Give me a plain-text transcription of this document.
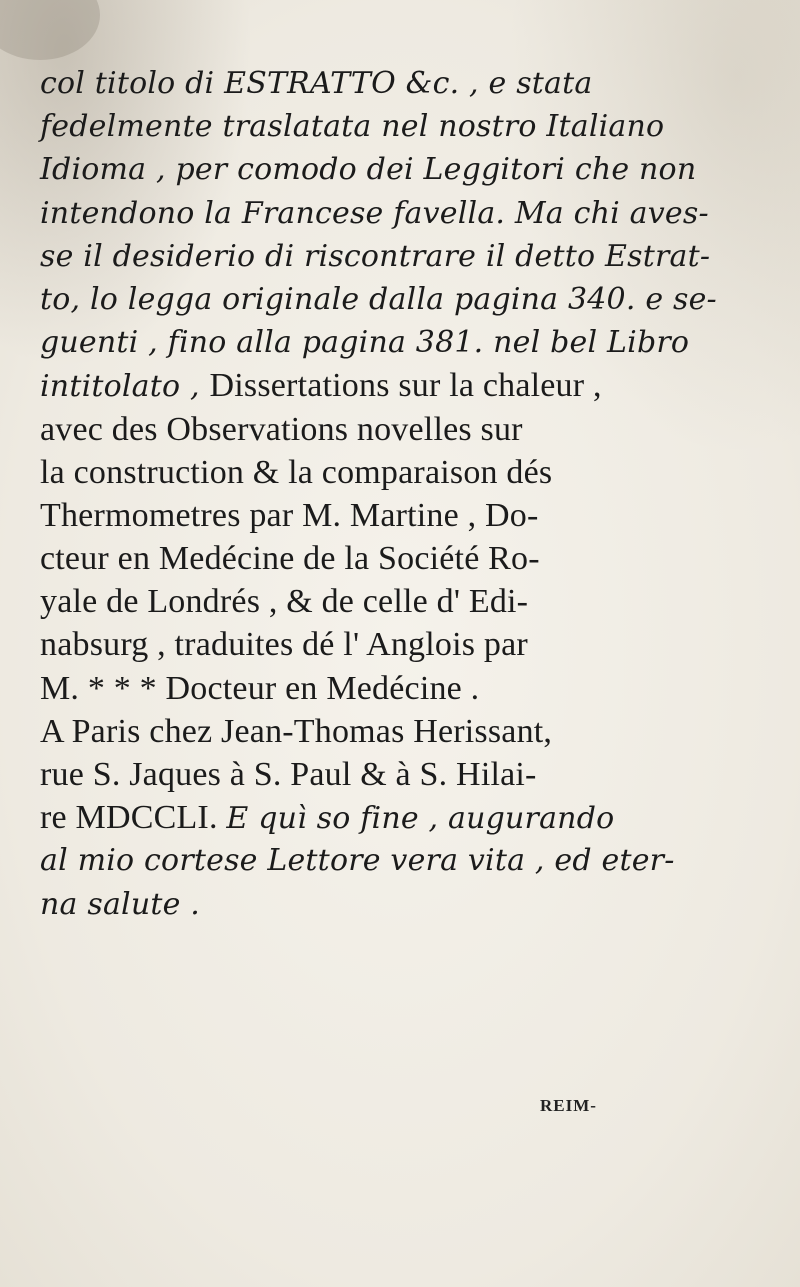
col titolo di ESTRATTO &c. , e stata
fedelmente traslatata nel nostro Italiano
Idioma , per comodo dei Leggitori che non
intendono la Francese favella. Ma chi aves-
se il desiderio di riscontrare il detto Estrat-
to, lo legga originale dalla pagina 340. e se-
guenti , fino alla pagina 381. nel bel Libro
intitolato , Dissertations sur la chaleur ,
avec des Observations novelles sur
la construction & la comparaison dés
Thermometres par M. Martine , Do-
cteur en Medécine de la Société Ro-
yale de Londrés , & de celle d' Edi-
nabsurg , traduites dé l' Anglois par
M. * * * Docteur en Medécine .
A Paris chez Jean-Thomas Herissant,
rue S. Jaques à S. Paul & à S. Hilai-
re MDCCLI. E quì so fine , augurando
al mio cortese Lettore vera vita , ed eter-
na salute .
REIM-
